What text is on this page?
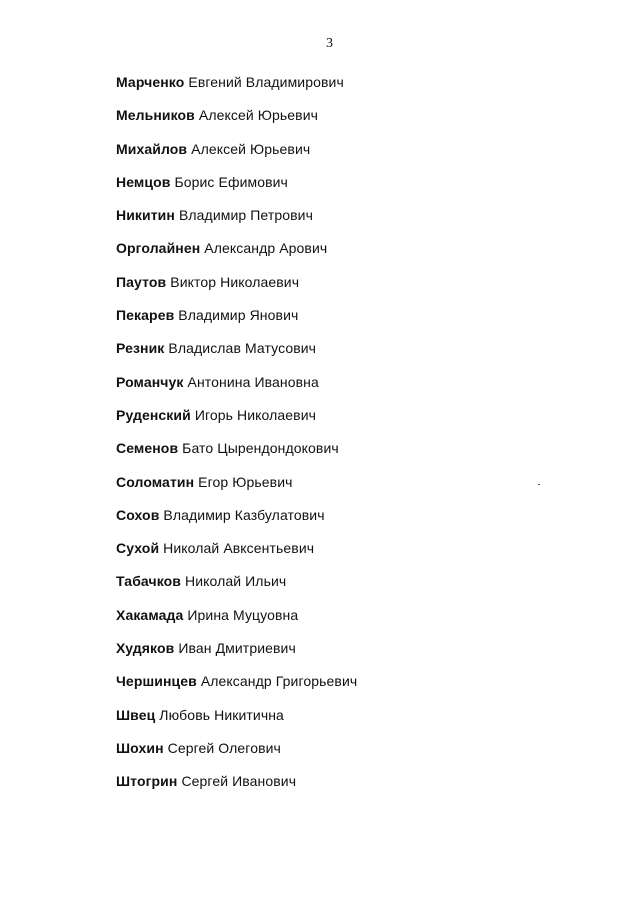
3
Марченко Евгений Владимирович
Мельников Алексей Юрьевич
Михайлов Алексей Юрьевич
Немцов Борис Ефимович
Никитин Владимир Петрович
Орголайнен Александр Арович
Паутов Виктор Николаевич
Пекарев Владимир Янович
Резник Владислав Матусович
Романчук Антонина Ивановна
Руденский Игорь Николаевич
Семенов Бато Цырендондокович
Соломатин Егор Юрьевич
Сохов Владимир Казбулатович
Сухой Николай Авксентьевич
Табачков Николай Ильич
Хакамада Ирина Муцуовна
Худяков Иван Дмитриевич
Чершинцев Александр Григорьевич
Швец Любовь Никитична
Шохин Сергей Олегович
Штогрин Сергей Иванович
